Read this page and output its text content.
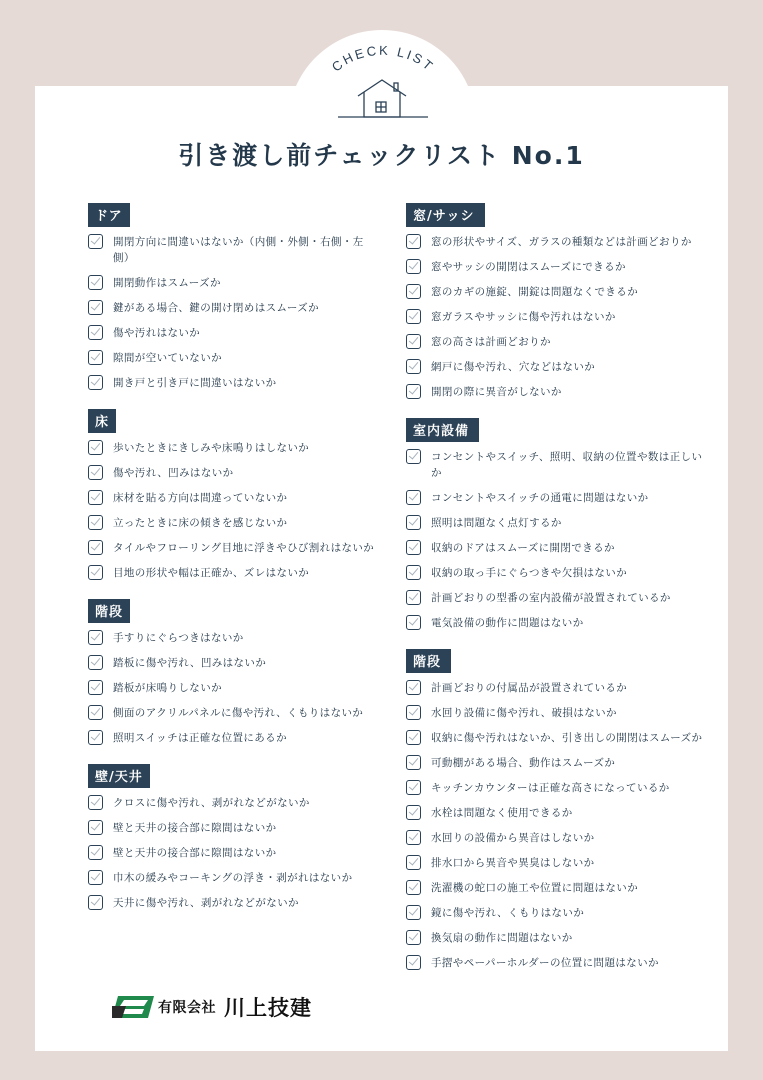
CHECK LIST
引き渡し前チェックリスト No.1
ドア
開閉方向に間違いはないか（内側・外側・右側・左側）
開閉動作はスムーズか
鍵がある場合、鍵の開け閉めはスムーズか
傷や汚れはないか
隙間が空いていないか
開き戸と引き戸に間違いはないか
床
歩いたときにきしみや床鳴りはしないか
傷や汚れ、凹みはないか
床材を貼る方向は間違っていないか
立ったときに床の傾きを感じないか
タイルやフローリング目地に浮きやひび割れはないか
目地の形状や幅は正確か、ズレはないか
階段
手すりにぐらつきはないか
踏板に傷や汚れ、凹みはないか
踏板が床鳴りしないか
側面のアクリルパネルに傷や汚れ、くもりはないか
照明スイッチは正確な位置にあるか
壁/天井
クロスに傷や汚れ、剥がれなどがないか
壁と天井の接合部に隙間はないか
壁と天井の接合部に隙間はないか
巾木の緩みやコーキングの浮き・剥がれはないか
天井に傷や汚れ、剥がれなどがないか
窓/サッシ
窓の形状やサイズ、ガラスの種類などは計画どおりか
窓やサッシの開閉はスムーズにできるか
窓のカギの施錠、開錠は問題なくできるか
窓ガラスやサッシに傷や汚れはないか
窓の高さは計画どおりか
網戸に傷や汚れ、穴などはないか
開閉の際に異音がしないか
室内設備
コンセントやスイッチ、照明、収納の位置や数は正しいか
コンセントやスイッチの通電に問題はないか
照明は問題なく点灯するか
収納のドアはスムーズに開閉できるか
収納の取っ手にぐらつきや欠損はないか
計画どおりの型番の室内設備が設置されているか
電気設備の動作に問題はないか
階段
計画どおりの付属品が設置されているか
水回り設備に傷や汚れ、破損はないか
収納に傷や汚れはないか、引き出しの開閉はスムーズか
可動棚がある場合、動作はスムーズか
キッチンカウンターは正確な高さになっているか
水栓は問題なく使用できるか
水回りの設備から異音はしないか
排水口から異音や異臭はしないか
洗濯機の蛇口の施工や位置に問題はないか
鏡に傷や汚れ、くもりはないか
換気扇の動作に問題はないか
手摺やペーパーホルダーの位置に問題はないか
有限会社 川上技建
